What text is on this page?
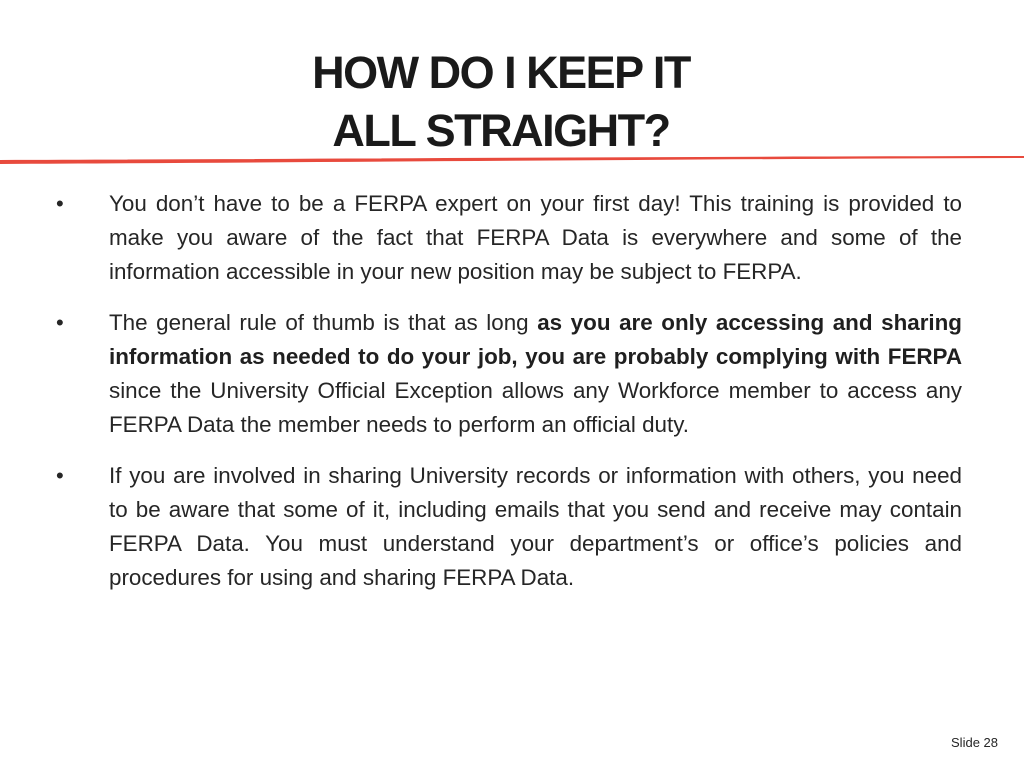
HOW DO I KEEP IT
ALL STRAIGHT?
•	You don’t have to be a FERPA expert on your first day! This training is provided to make you aware of the fact that FERPA Data is everywhere and some of the information accessible in your new position may be subject to FERPA.
•	The general rule of thumb is that as long as you are only accessing and sharing information as needed to do your job, you are probably complying with FERPA since the University Official Exception allows any Workforce member to access any FERPA Data the member needs to perform an official duty.
•	If you are involved in sharing University records or information with others, you need to be aware that some of it, including emails that you send and receive may contain FERPA Data. You must understand your department’s or office’s policies and procedures for using and sharing FERPA Data.
Slide 28
